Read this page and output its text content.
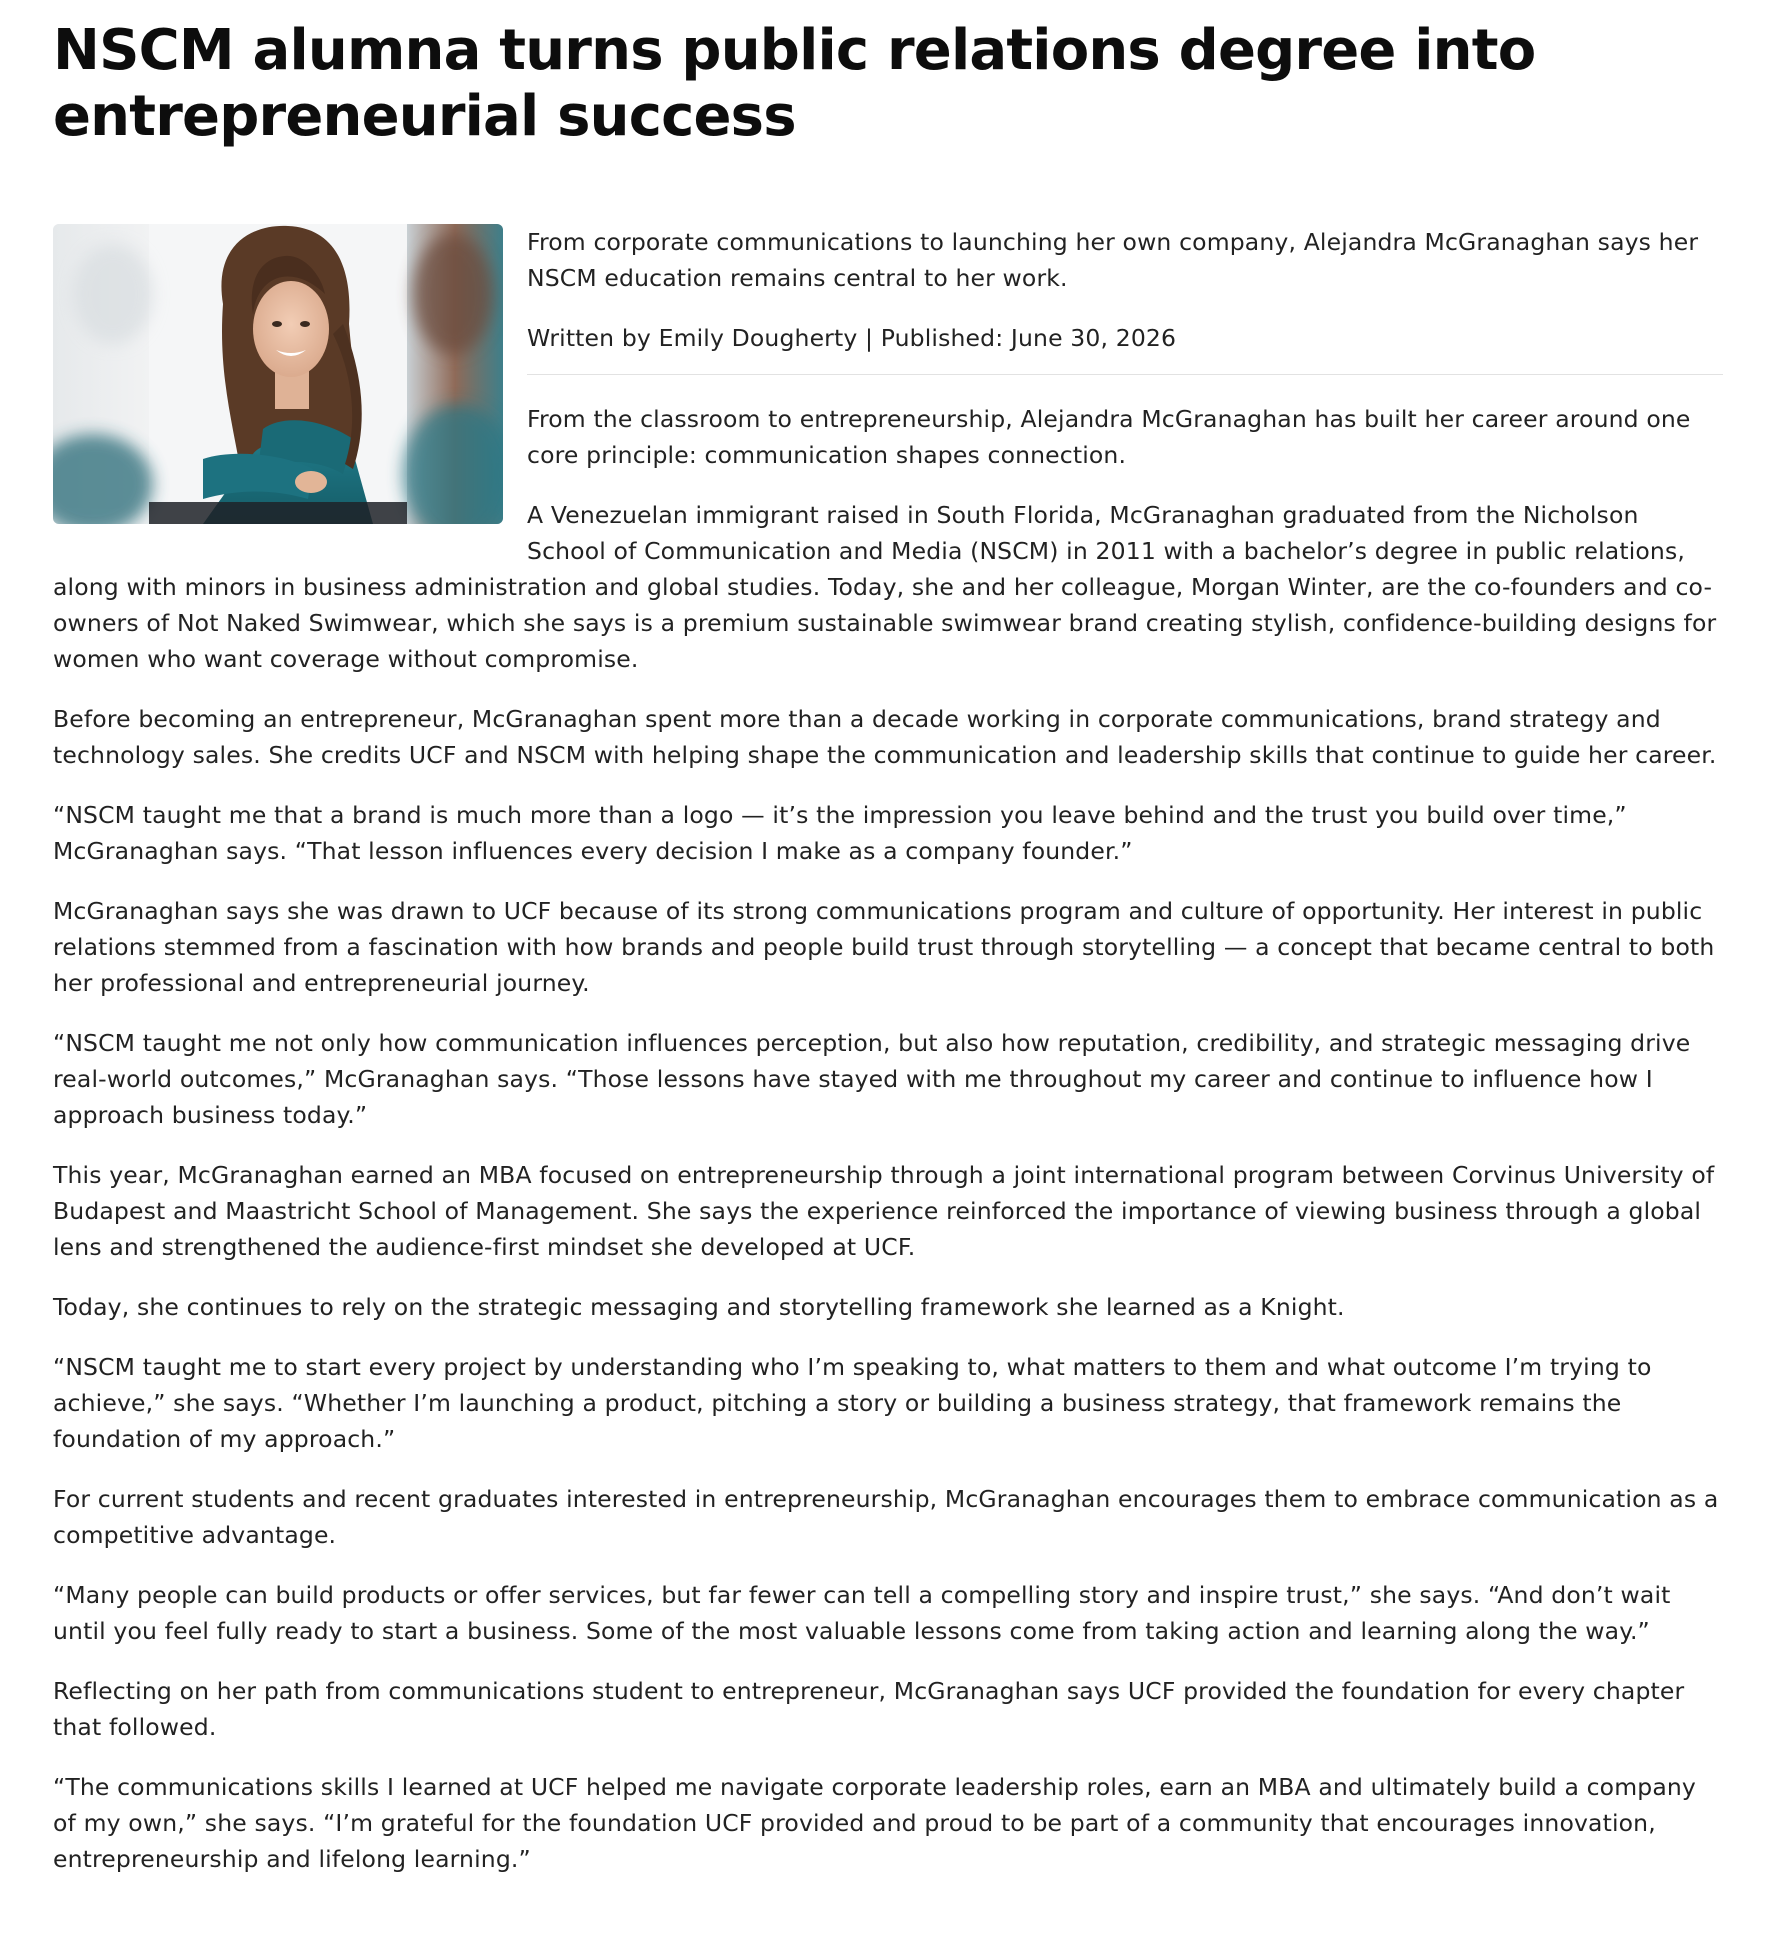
NSCM alumna turns public relations degree into entrepreneurial success

From corporate communications to launching her own company, Alejandra McGranaghan says her NSCM education remains central to her work.

Written by Emily Dougherty | Published: June 30, 2026

From the classroom to entrepreneurship, Alejandra McGranaghan has built her career around one core principle: communication shapes connection.

A Venezuelan immigrant raised in South Florida, McGranaghan graduated from the Nicholson School of Communication and Media (NSCM) in 2011 with a bachelor’s degree in public relations, along with minors in business administration and global studies. Today, she and her colleague, Morgan Winter, are the co-founders and co-owners of Not Naked Swimwear, which she says is a premium sustainable swimwear brand creating stylish, confidence-building designs for women who want coverage without compromise.

Before becoming an entrepreneur, McGranaghan spent more than a decade working in corporate communications, brand strategy and technology sales. She credits UCF and NSCM with helping shape the communication and leadership skills that continue to guide her career.

“NSCM taught me that a brand is much more than a logo — it’s the impression you leave behind and the trust you build over time,” McGranaghan says. “That lesson influences every decision I make as a company founder.”

McGranaghan says she was drawn to UCF because of its strong communications program and culture of opportunity. Her interest in public relations stemmed from a fascination with how brands and people build trust through storytelling — a concept that became central to both her professional and entrepreneurial journey.

“NSCM taught me not only how communication influences perception, but also how reputation, credibility, and strategic messaging drive real-world outcomes,” McGranaghan says. “Those lessons have stayed with me throughout my career and continue to influence how I approach business today.”

This year, McGranaghan earned an MBA focused on entrepreneurship through a joint international program between Corvinus University of Budapest and Maastricht School of Management. She says the experience reinforced the importance of viewing business through a global lens and strengthened the audience-first mindset she developed at UCF.

Today, she continues to rely on the strategic messaging and storytelling framework she learned as a Knight.

“NSCM taught me to start every project by understanding who I’m speaking to, what matters to them and what outcome I’m trying to achieve,” she says. “Whether I’m launching a product, pitching a story or building a business strategy, that framework remains the foundation of my approach.”

For current students and recent graduates interested in entrepreneurship, McGranaghan encourages them to embrace communication as a competitive advantage.

“Many people can build products or offer services, but far fewer can tell a compelling story and inspire trust,” she says. “And don’t wait until you feel fully ready to start a business. Some of the most valuable lessons come from taking action and learning along the way.”

Reflecting on her path from communications student to entrepreneur, McGranaghan says UCF provided the foundation for every chapter that followed.

“The communications skills I learned at UCF helped me navigate corporate leadership roles, earn an MBA and ultimately build a company of my own,” she says. “I’m grateful for the foundation UCF provided and proud to be part of a community that encourages innovation, entrepreneurship and lifelong learning.”
